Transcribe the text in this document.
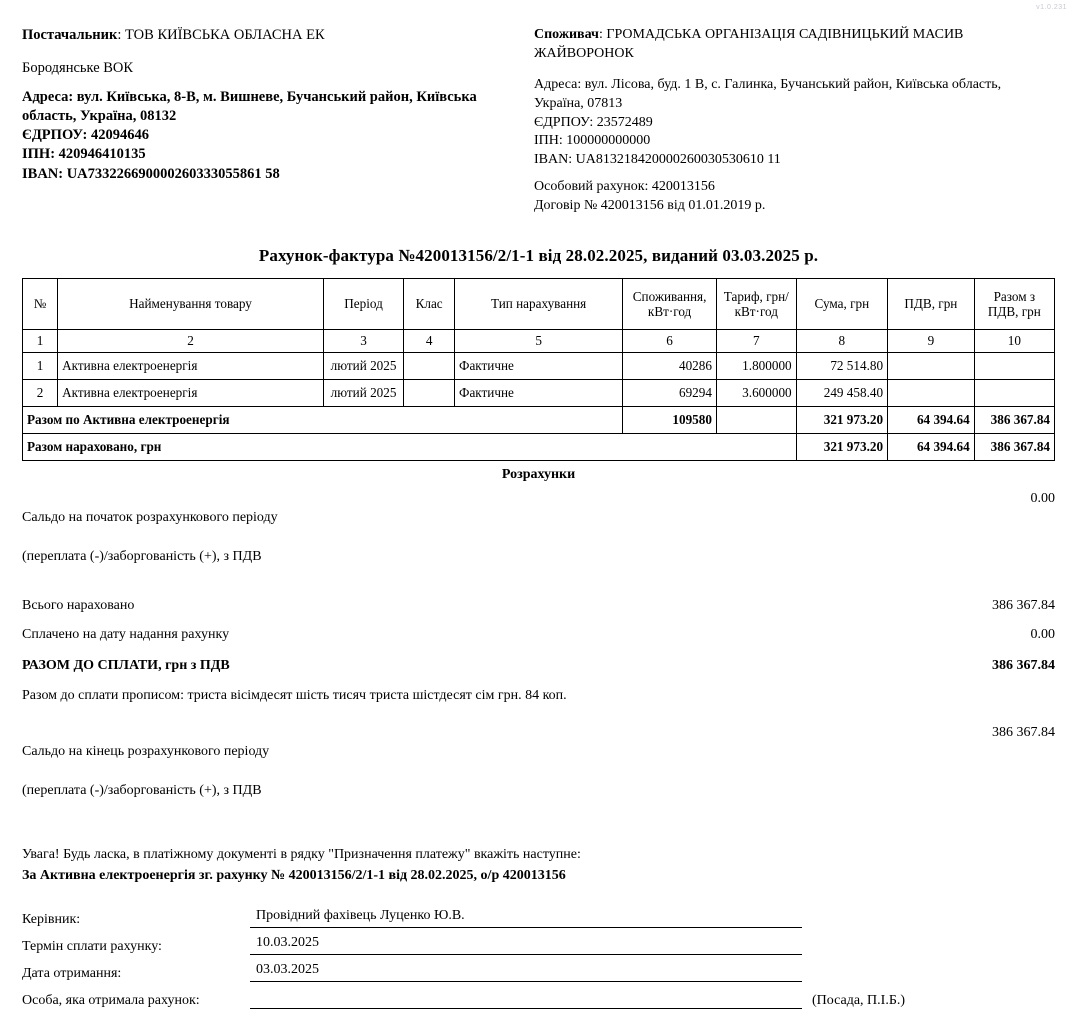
v1.0.231
Постачальник: ТОВ КИЇВСЬКА ОБЛАСНА ЕК
Бородянське ВОК
Адреса: вул. Київська, 8-В, м. Вишневе, Бучанський район, Київська область, Україна, 08132
ЄДРПОУ: 42094646
ІПН: 420946410135
IBAN: UA733226690000260333055861 58
Споживач: ГРОМАДСЬКА ОРГАНІЗАЦІЯ САДІВНИЦЬКИЙ МАСИВ ЖАЙВОРОНОК
Адреса: вул. Лісова, буд. 1 В, с. Галинка, Бучанський район, Київська область, Україна, 07813
ЄДРПОУ: 23572489
ІПН: 100000000000
IBAN: UA813218420000260030530610 11
Особовий рахунок: 420013156
Договір № 420013156 від 01.01.2019 р.
Рахунок-фактура №420013156/2/1-1 від 28.02.2025, виданий 03.03.2025 р.
№	Найменування товару	Період	Клас	Тип нарахування	Споживання, кВт·год	Тариф, грн/кВт·год	Сума, грн	ПДВ, грн	Разом з ПДВ, грн
1	2	3	4	5	6	7	8	9	10
1	Активна електроенергія	лютий 2025		Фактичне	40286	1.800000	72 514.80		
2	Активна електроенергія	лютий 2025		Фактичне	69294	3.600000	249 458.40		
Разом по Активна електроенергія					109580		321 973.20	64 394.64	386 367.84
Разом нараховано, грн							321 973.20	64 394.64	386 367.84
Розрахунки

Сальдо на початок розрахункового періоду

(переплата (-)/заборгованість (+), з ПДВ

0.00
Всього нараховано	386 367.84
Сплачено на дату надання рахунку	0.00
РАЗОМ ДО СПЛАТИ, грн з ПДВ	386 367.84
Разом до сплати прописом: триста вісімдесят шість тисяч триста шістдесят сім грн. 84 коп.

Сальдо на кінець розрахункового періоду

(переплата (-)/заборгованість (+), з ПДВ

386 367.84
Увага! Будь ласка, в платіжному документі в рядку "Призначення платежу" вкажіть наступне:
За Активна електроенергія зг. рахунку № 420013156/2/1-1 від 28.02.2025, о/р 420013156
Керівник:	Провідний фахівець Луценко Ю.В.
Термін сплати рахунку:	10.03.2025
Дата отримання:	03.03.2025
Особа, яка отримала рахунок:	(Посада, П.І.Б.)
